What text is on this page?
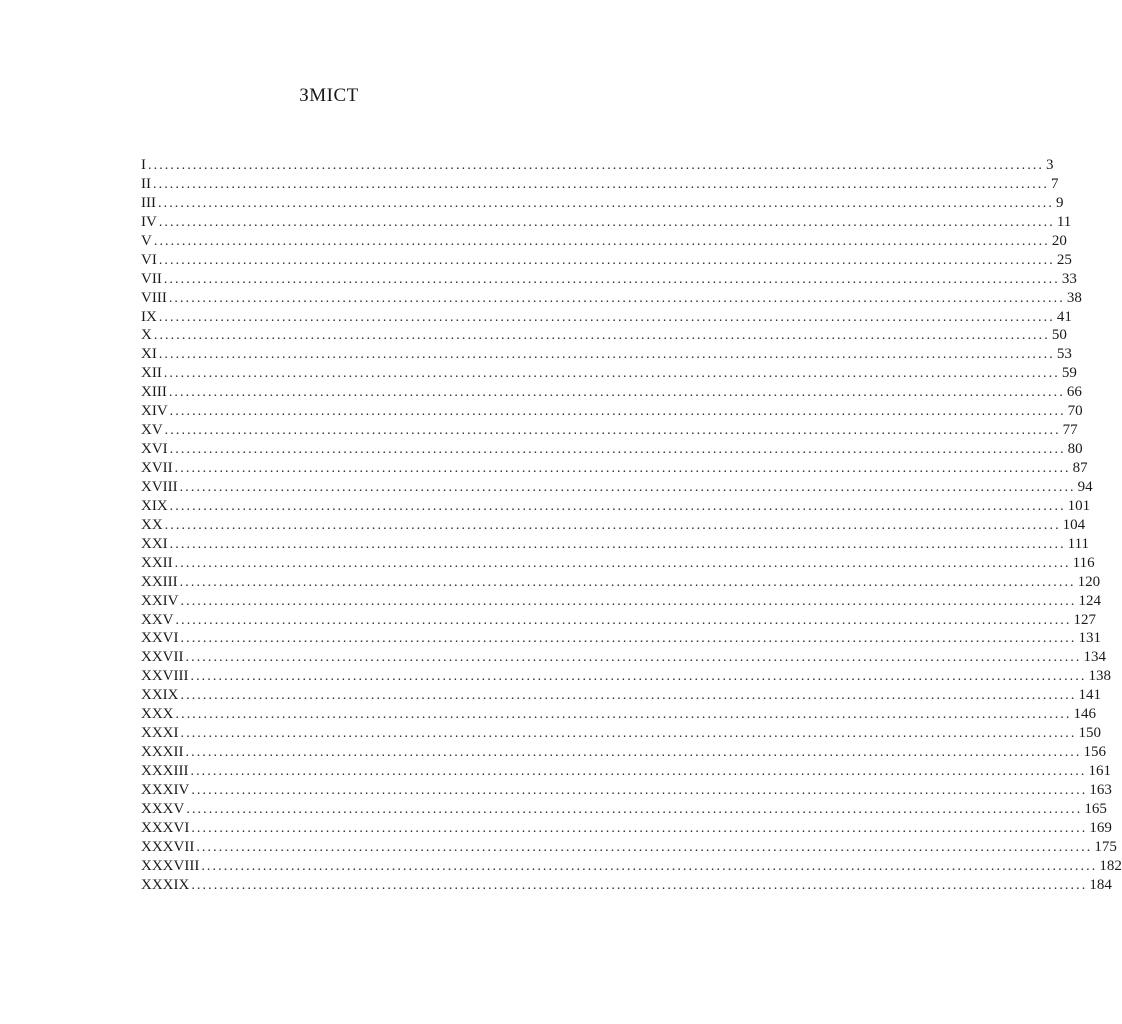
ЗМІСТ
I ................................................................................................................................................................ 3
II ................................................................................................................................................................ 7
III ................................................................................................................................................................ 9
IV ................................................................................................................................................................ 11
V ................................................................................................................................................................ 20
VI ................................................................................................................................................................ 25
VII ................................................................................................................................................................ 33
VIII ................................................................................................................................................................ 38
IX ................................................................................................................................................................ 41
X ................................................................................................................................................................ 50
XI ................................................................................................................................................................ 53
XII ................................................................................................................................................................ 59
XIII ................................................................................................................................................................ 66
XIV ................................................................................................................................................................ 70
XV ................................................................................................................................................................ 77
XVI ................................................................................................................................................................ 80
XVII ................................................................................................................................................................ 87
XVIII ................................................................................................................................................................ 94
XIX ................................................................................................................................................................ 101
XX ................................................................................................................................................................ 104
XXI ................................................................................................................................................................ 111
XXII ................................................................................................................................................................ 116
XXIII ................................................................................................................................................................ 120
XXIV ................................................................................................................................................................ 124
XXV ................................................................................................................................................................ 127
XXVI ................................................................................................................................................................ 131
XXVII ................................................................................................................................................................ 134
XXVIII ................................................................................................................................................................ 138
XXIX ................................................................................................................................................................ 141
XXX ................................................................................................................................................................ 146
XXXI ................................................................................................................................................................ 150
XXXII ................................................................................................................................................................ 156
XXXIII ................................................................................................................................................................ 161
XXXIV ................................................................................................................................................................ 163
XXXV ................................................................................................................................................................ 165
XXXVI ................................................................................................................................................................ 169
XXXVII ................................................................................................................................................................ 175
XXXVIII ................................................................................................................................................................ 182
XXXIX ................................................................................................................................................................ 184
